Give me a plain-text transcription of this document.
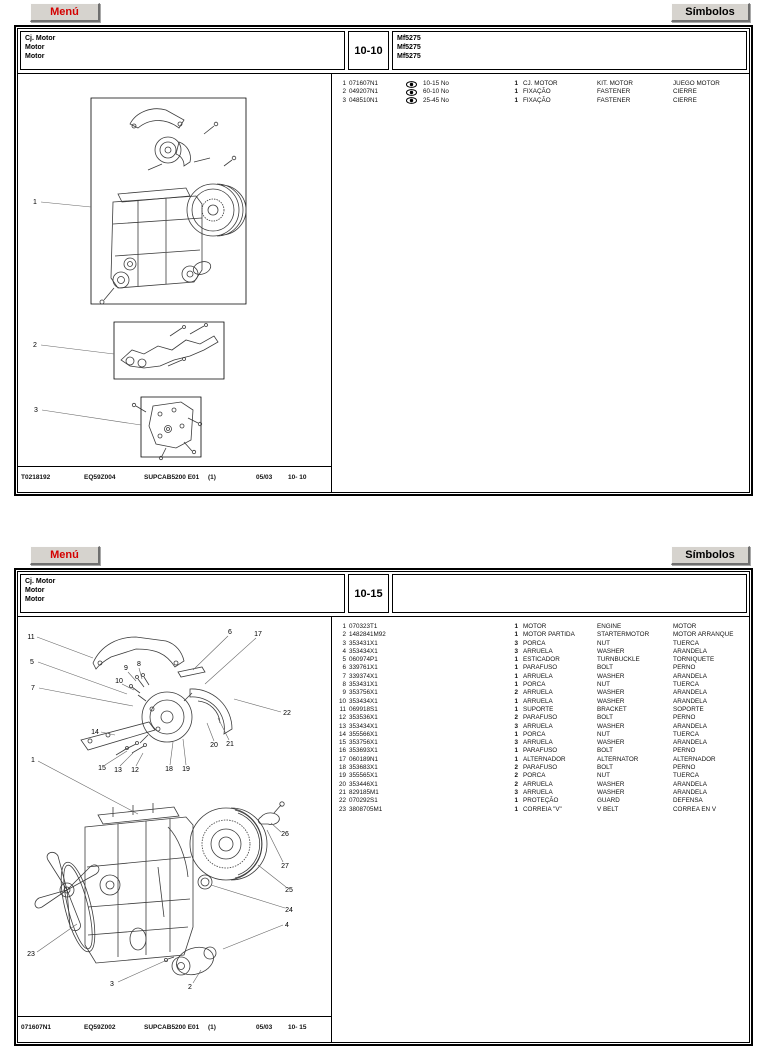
Menú	Símbolos
Cj. Motor
Motor
Motor	10-10
Mf5275
Mf5275
Mf5275
1
2
3
T0218192	EQ59Z004	SUPCAB5200 E01 (1)	05/03 10- 10
1 071607N1	10-15 No	1 CJ. MOTOR	KIT. MOTOR	JUEGO MOTOR
2 049207N1	60-10 No	1 FIXAÇÃO	FASTENER	CIERRE
3 048510N1	25-45 No	1 FIXAÇÃO	FASTENER	CIERRE
Menú	Símbolos
Cj. Motor
Motor
Motor	10-15
11
6	17
5	8
9
10
7
22
14
20 21
1
15 13 12	18 19
26
27
25
24
4
23
3	2
071607N1	EQ59Z002	SUPCAB5200 E01 (1)	05/03 10- 15
1 070323T1	1 MOTOR	ENGINE	MOTOR
2 1482841M92	1 MOTOR PARTIDA	STARTERMOTOR	MOTOR ARRANQUE
3 353431X1	3 PORCA	NUT	TUERCA
4 353434X1	3 ARRUELA	WASHER	ARANDELA
5 060974P1	1 ESTICADOR	TURNBUCKLE	TORNIQUETE
6 339761X1	1 PARAFUSO	BOLT	PERNO
7 339374X1	1 ARRUELA	WASHER	ARANDELA
8 353431X1	1 PORCA	NUT	TUERCA
9 353756X1	2 ARRUELA	WASHER	ARANDELA
10 353434X1	1 ARRUELA	WASHER	ARANDELA
11 069918S1	1 SUPORTE	BRACKET	SOPORTE
12 353536X1	2 PARAFUSO	BOLT	PERNO
13 353434X1	3 ARRUELA	WASHER	ARANDELA
14 355566X1	1 PORCA	NUT	TUERCA
15 353756X1	3 ARRUELA	WASHER	ARANDELA
16 353693X1	1 PARAFUSO	BOLT	PERNO
17 060189N1	1 ALTERNADOR	ALTERNATOR	ALTERNADOR
18 353683X1	2 PARAFUSO	BOLT	PERNO
19 355565X1	2 PORCA	NUT	TUERCA
20 353446X1	2 ARRUELA	WASHER	ARANDELA
21 829185M1	3 ARRUELA	WASHER	ARANDELA
22 070292S1	1 PROTEÇÃO	GUARD	DEFENSA
23 3808705M1	1 CORREIA "V"	V BELT	CORREA EN V
